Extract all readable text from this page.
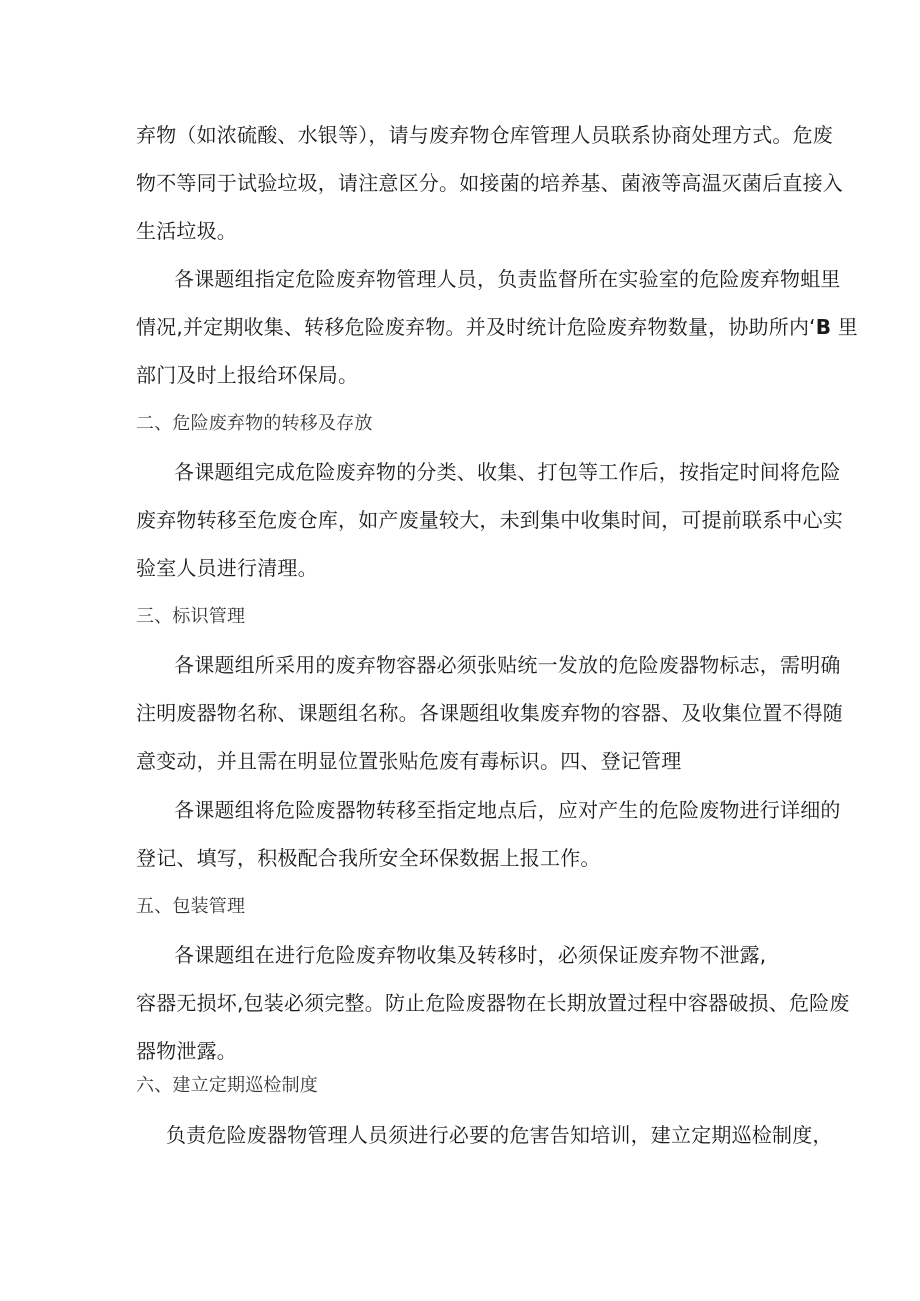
弃物（如浓硫酸、水银等），请与废弃物仓库管理人员联系协商处理方式。危废
物不等同于试验垃圾，请注意区分。如接菌的培养基、菌液等高温灭菌后直接入
生活垃圾。
各课题组指定危险废弃物管理人员，负责监督所在实验室的危险废弃物蛆里
情况,并定期收集、转移危险废弃物。并及时统计危险废弃物数量，协助所内‘B 里
部门及时上报给环保局。
二、危险废弃物的转移及存放
各课题组完成危险废弃物的分类、收集、打包等工作后，按指定时间将危险
废弃物转移至危废仓库，如产废量较大，未到集中收集时间，可提前联系中心实
验室人员进行清理。
三、标识管理
各课题组所采用的废弃物容器必须张贴统一发放的危险废器物标志，需明确
注明废器物名称、课题组名称。各课题组收集废弃物的容器、及收集位置不得随
意变动，并且需在明显位置张贴危废有毒标识。四、登记管理
各课题组将危险废器物转移至指定地点后，应对产生的危险废物进行详细的
登记、填写，积极配合我所安全环保数据上报工作。
五、包装管理
各课题组在进行危险废弃物收集及转移时，必须保证废弃物不泄露,
容器无损坏,包装必须完整。防止危险废器物在长期放置过程中容器破损、危险废
器物泄露。
六、建立定期巡检制度
负责危险废器物管理人员须进行必要的危害告知培训，建立定期巡检制度，
